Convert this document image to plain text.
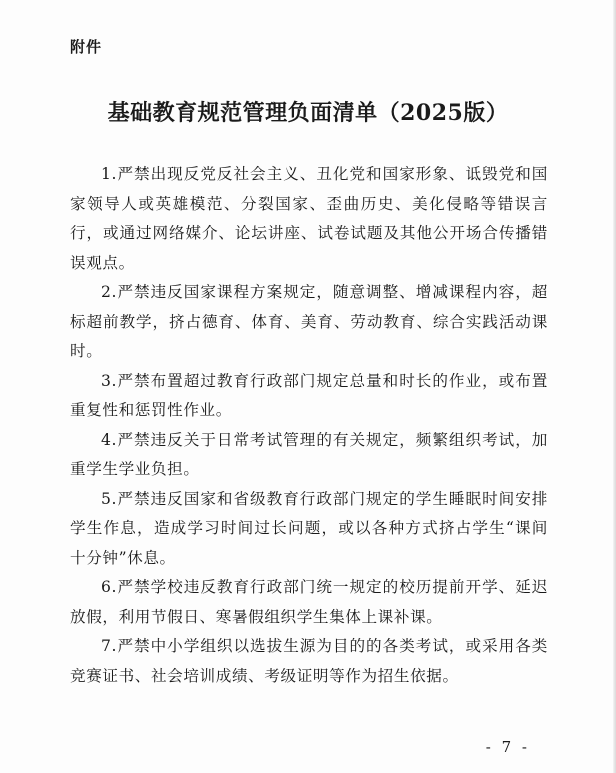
附件
基础教育规范管理负面清单（2025版）

1.严禁出现反党反社会主义、丑化党和国家形象、诋毁党和国家领导人或英雄模范、分裂国家、歪曲历史、美化侵略等错误言行，或通过网络媒介、论坛讲座、试卷试题及其他公开场合传播错误观点。

2.严禁违反国家课程方案规定，随意调整、增减课程内容，超标超前教学，挤占德育、体育、美育、劳动教育、综合实践活动课时。

3.严禁布置超过教育行政部门规定总量和时长的作业，或布置重复性和惩罚性作业。

4.严禁违反关于日常考试管理的有关规定，频繁组织考试，加重学生学业负担。

5.严禁违反国家和省级教育行政部门规定的学生睡眠时间安排学生作息，造成学习时间过长问题，或以各种方式挤占学生“课间十分钟”休息。

6.严禁学校违反教育行政部门统一规定的校历提前开学、延迟放假，利用节假日、寒暑假组织学生集体上课补课。

7.严禁中小学组织以选拔生源为目的的各类考试，或采用各类竞赛证书、社会培训成绩、考级证明等作为招生依据。

- 7 -
